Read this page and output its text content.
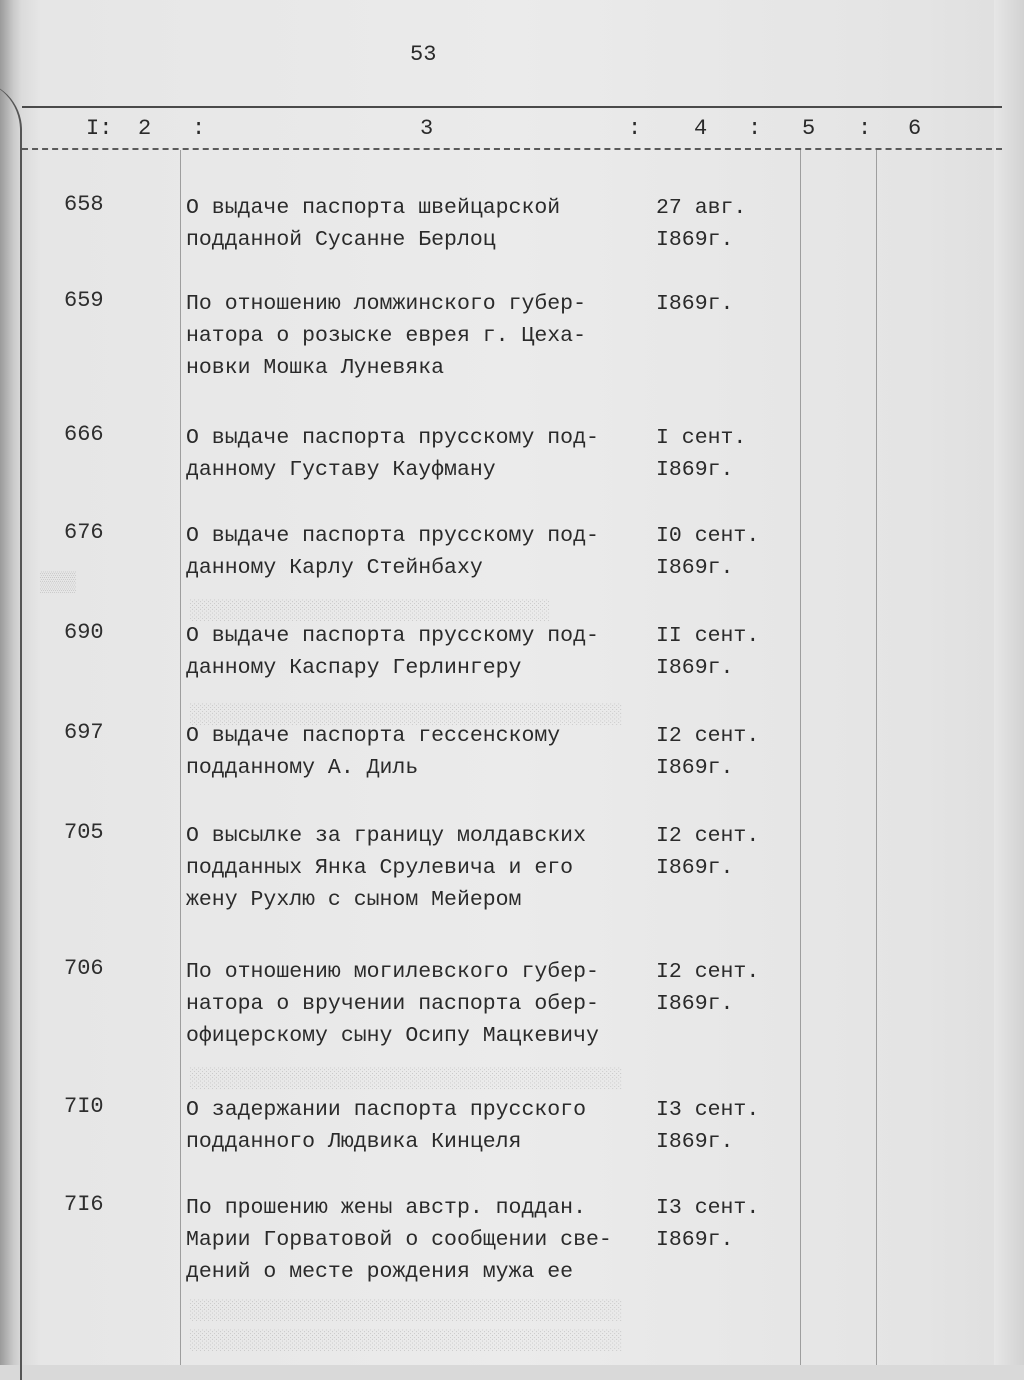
▒▒▒
░░░░░░░░░░░░░░░░░░░░░░░░░░░░░░
░░░░░░░░░░░░░░░░░░░░░░░░░░░░░░░░░░░░
░░░░░░░░░░░░░░░░░░░░░░░░░░░░░░░░░░░░
░░░░░░░░░░░░░░░░░░░░░░░░░░░░░░░░░░░░
░░░░░░░░░░░░░░░░░░░░░░░░░░░░░░░░░░░░
53
I: 2 :	3	: 4 : 5 : 6
658	О выдаче паспорта швейцарской
подданной Сусанне Берлоц
27 авг.
I869г.
659	По отношению ломжинского губер-
натора о розыске еврея г. Цеха-
новки Мошка Луневяка
I869г.
666	О выдаче паспорта прусскому под-
данному Густаву Кауфману
I сент.
I869г.
676	О выдаче паспорта прусскому под-
данному Карлу Стейнбаху
I0 сент.
I869г.
690	О выдаче паспорта прусскому под-
данному Каспару Герлингеру
II сент.
I869г.
697	О выдаче паспорта гессенскому
подданному А. Диль
I2 сент.
I869г.
705	О высылке за границу молдавских
подданных Янка Срулевича и его
жену Рухлю с сыном Мейером
I2 сент.
I869г.
706	По отношению могилевского губер-
натора о вручении паспорта обер-
офицерскому сыну Осипу Мацкевичу
I2 сент.
I869г.
7I0	О задержании паспорта прусского
подданного Людвика Кинцеля
I3 сент.
I869г.
7I6	По прошению жены австр. поддан.
Марии Горватовой о сообщении све-
дений о месте рождения мужа ее
I3 сент.
I869г.
